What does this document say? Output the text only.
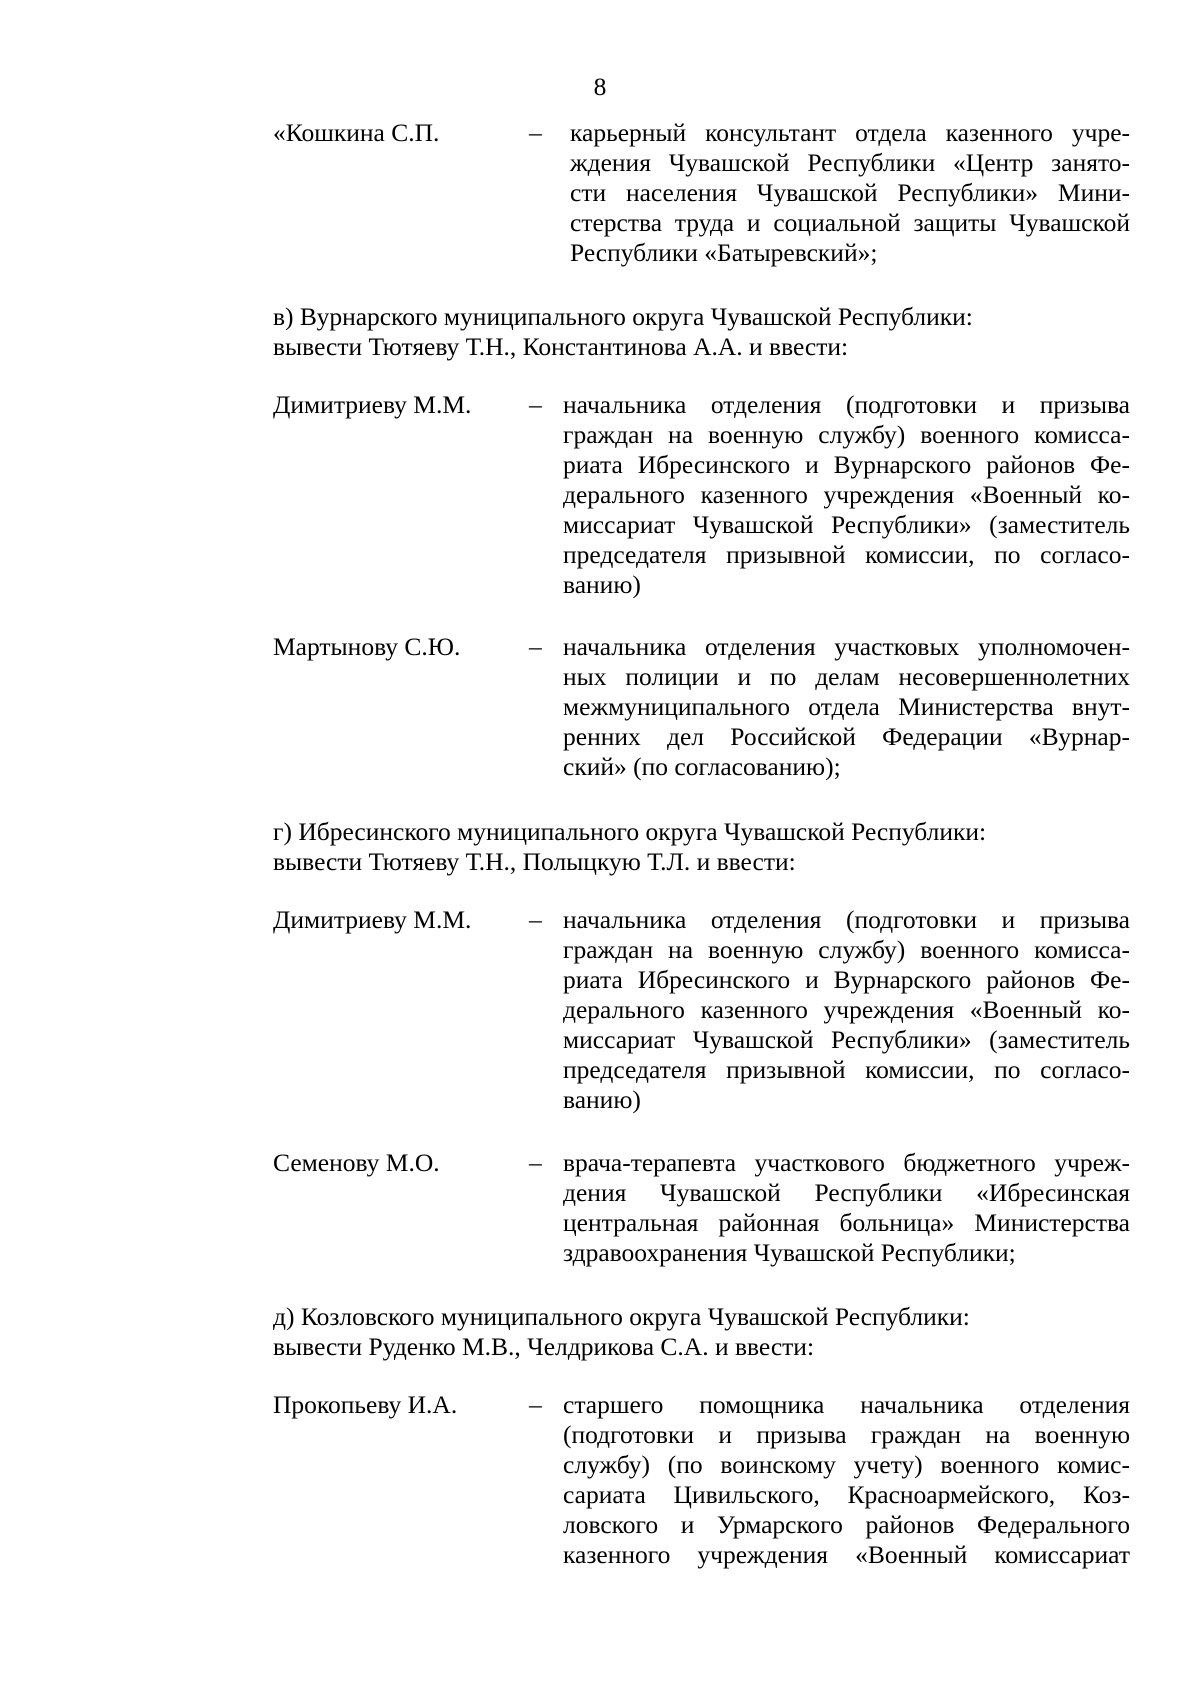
8
«Кошкина С.П.	– карьерный консультант отдела казенного учре-
ждения Чувашской Республики «Центр занято-
сти населения Чувашской Республики» Мини-
стерства труда и социальной защиты Чувашской
Республики «Батыревский»;
в) Вурнарского муниципального округа Чувашской Республики:
вывести Тютяеву Т.Н., Константинова А.А. и ввести:
Димитриеву М.М. – начальника отделения (подготовки и призыва
граждан на военную службу) военного комисса-
риата Ибресинского и Вурнарского районов Фе-
дерального казенного учреждения «Военный ко-
миссариат Чувашской Республики» (заместитель
председателя призывной комиссии, по согласо-
ванию)
Мартынову С.Ю.	– начальника отделения участковых уполномочен-
ных полиции и по делам несовершеннолетних
межмуниципального отдела Министерства внут-
ренних дел Российской Федерации «Вурнар-
ский» (по согласованию);
г) Ибресинского муниципального округа Чувашской Республики:
вывести Тютяеву Т.Н., Полыцкую Т.Л. и ввести:
Димитриеву М.М. – начальника отделения (подготовки и призыва
граждан на военную службу) военного комисса-
риата Ибресинского и Вурнарского районов Фе-
дерального казенного учреждения «Военный ко-
миссариат Чувашской Республики» (заместитель
председателя призывной комиссии, по согласо-
ванию)
Семенову М.О.	– врача-терапевта участкового бюджетного учреж-
дения Чувашской Республики «Ибресинская
центральная районная больница» Министерства
здравоохранения Чувашской Республики;
д) Козловского муниципального округа Чувашской Республики:
вывести Руденко М.В., Челдрикова С.А. и ввести:
Прокопьеву И.А.	– старшего помощника начальника отделения
(подготовки и призыва граждан на военную
службу) (по воинскому учету) военного комис-
сариата Цивильского, Красноармейского, Коз-
ловского и Урмарского районов Федерального
казенного учреждения «Военный комиссариат
